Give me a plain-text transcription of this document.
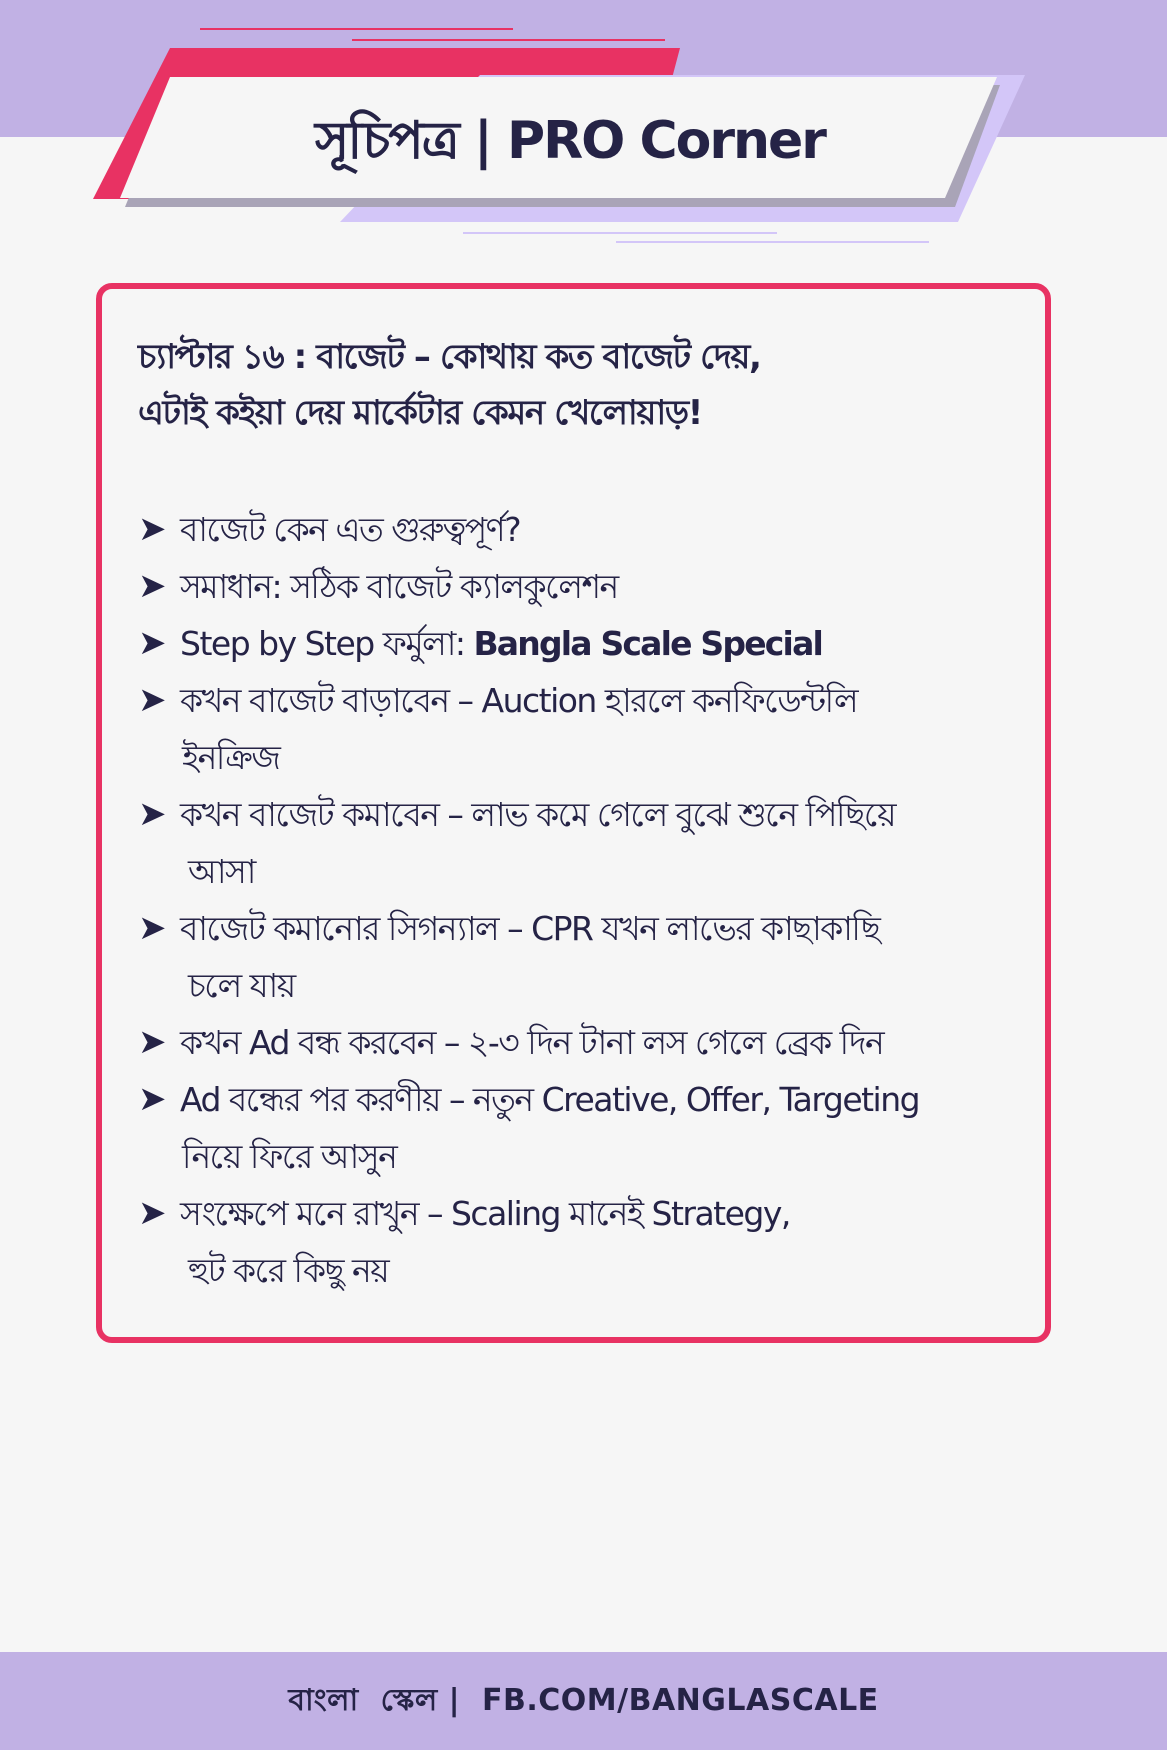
সূচিপত্র | PRO Corner
চ্যাপ্টার ১৬ : বাজেট – কোথায় কত বাজেট দেয়,
এটাই কইয়া দেয় মার্কেটার কেমন খেলোয়াড়!
➤ বাজেট কেন এত গুরুত্বপূর্ণ?
➤ সমাধান: সঠিক বাজেট ক্যালকুলেশন
➤ Step by Step ফর্মুলা: Bangla Scale Special
➤ কখন বাজেট বাড়াবেন – Auction হারলে কনফিডেন্টলি
ইনক্রিজ
➤ কখন বাজেট কমাবেন – লাভ কমে গেলে বুঝে শুনে পিছিয়ে
আসা
➤ বাজেট কমানোর সিগন্যাল – CPR যখন লাভের কাছাকাছি
চলে যায়
➤ কখন Ad বন্ধ করবেন – ২-৩ দিন টানা লস গেলে ব্রেক দিন
➤ Ad বন্ধের পর করণীয় – নতুন Creative, Offer, Targeting
নিয়ে ফিরে আসুন
➤ সংক্ষেপে মনে রাখুন – Scaling মানেই Strategy,
হুট করে কিছু নয়
বাংলা  স্কেল |  FB.COM/BANGLASCALE
